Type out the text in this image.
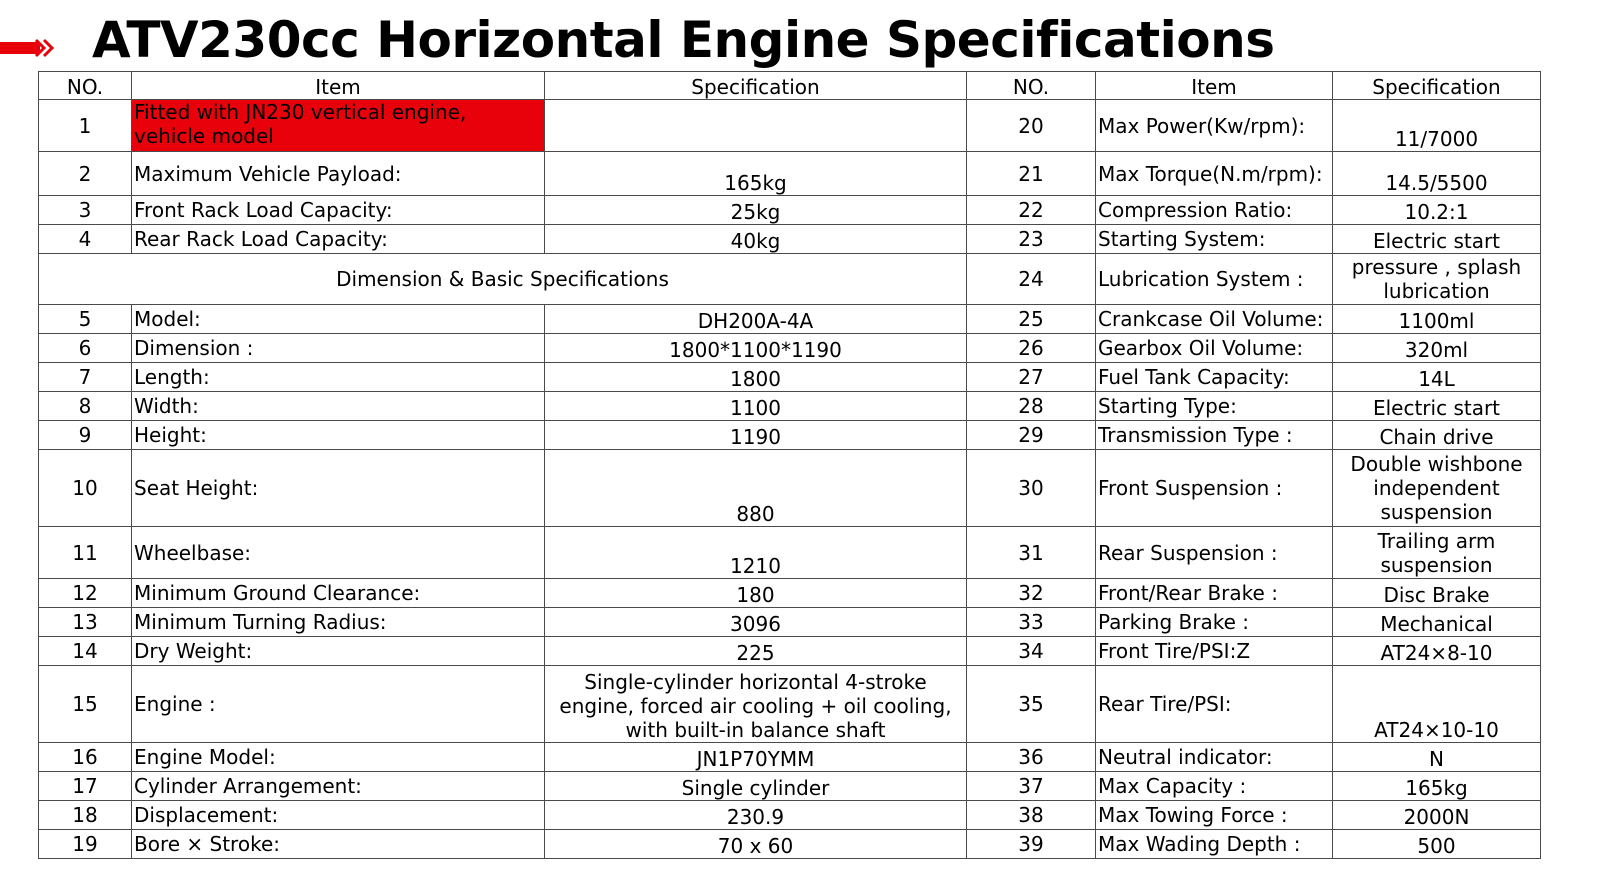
ATV230cc Horizontal Engine Specifications
NO.	Item	Specification	NO.	Item	Specification
1	Fitted with JN230 vertical engine, vehicle model		20	Max Power(Kw/rpm):	11/7000
2	Maximum Vehicle Payload:	165kg	21	Max Torque(N.m/rpm):	14.5/5500
3	Front Rack Load Capacity:	25kg	22	Compression Ratio:	10.2:1
4	Rear Rack Load Capacity:	40kg	23	Starting System:	Electric start
Dimension & Basic Specifications			24	Lubrication System :	pressure , splash lubrication
5	Model:	DH200A-4A	25	Crankcase Oil Volume:	1100ml
6	Dimension :	1800*1100*1190	26	Gearbox Oil Volume:	320ml
7	Length:	1800	27	Fuel Tank Capacity:	14L
8	Width:	1100	28	Starting Type:	Electric start
9	Height:	1190	29	Transmission Type :	Chain drive
10	Seat Height:	880	30	Front Suspension :	Double wishbone independent suspension
11	Wheelbase:	1210	31	Rear Suspension :	Trailing arm suspension
12	Minimum Ground Clearance:	180	32	Front/Rear Brake :	Disc Brake
13	Minimum Turning Radius:	3096	33	Parking Brake :	Mechanical
14	Dry Weight:	225	34	Front Tire/PSI:Z	AT24×8-10
15	Engine :	Single-cylinder horizontal 4-stroke engine, forced air cooling + oil cooling, with built-in balance shaft	35	Rear Tire/PSI:	AT24×10-10
16	Engine Model:	JN1P70YMM	36	Neutral indicator:	N
17	Cylinder Arrangement:	Single cylinder	37	Max Capacity :	165kg
18	Displacement:	230.9	38	Max Towing Force :	2000N
19	Bore × Stroke:	70 x 60	39	Max Wading Depth :	500
